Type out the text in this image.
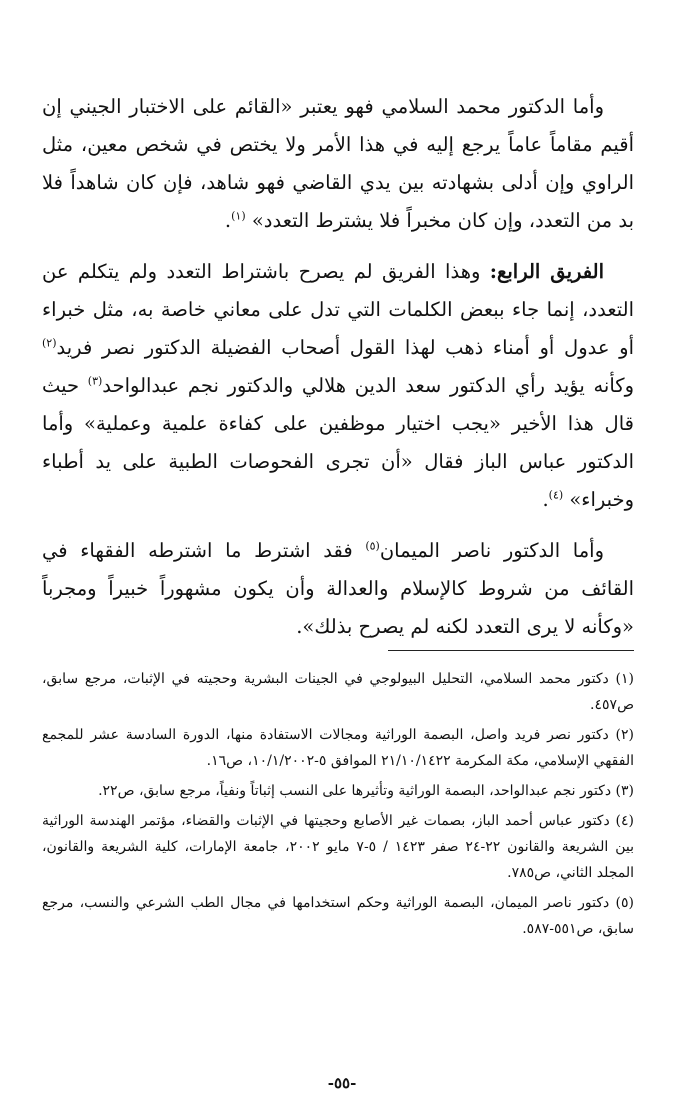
وأما الدكتور محمد السلامي فهو يعتبر «القائم على الاختبار الجيني إن أقيم مقاماً عاماً يرجع إليه في هذا الأمر ولا يختص في شخص معين، مثل الراوي وإن أدلى بشهادته بين يدي القاضي فهو شاهد، فإن كان شاهداً فلا بد من التعدد، وإن كان مخبراً فلا يشترط التعدد» $^{(١)}$.

الفريق الرابع: وهذا الفريق لم يصرح باشتراط التعدد ولم يتكلم عن التعدد، إنما جاء ببعض الكلمات التي تدل على معاني خاصة به، مثل خبراء أو عدول أو أمناء ذهب لهذا القول أصحاب الفضيلة الدكتور نصر فريد$^{(٢)}$ وكأنه يؤيد رأي الدكتور سعد الدين هلالي والدكتور نجم عبدالواحد$^{(٣)}$ حيث قال هذا الأخير «يجب اختيار موظفين على كفاءة علمية وعملية» وأما الدكتور عباس الباز فقال «أن تجرى الفحوصات الطبية على يد أطباء وخبراء» $^{(٤)}$.

وأما الدكتور ناصر الميمان$^{(٥)}$ فقد اشترط ما اشترطه الفقهاء في القائف من شروط كالإسلام والعدالة وأن يكون مشهوراً خبيراً ومجرباً «وكأنه لا يرى التعدد لكنه لم يصرح بذلك».

(١) دكتور محمد السلامي، التحليل البيولوجي في الجينات البشرية وحجيته في الإثبات، مرجع سابق، ص٤٥٧.

(٢) دكتور نصر فريد واصل، البصمة الوراثية ومجالات الاستفادة منها، الدورة السادسة عشر للمجمع الفقهي الإسلامي، مكة المكرمة ٢١/١٠/١٤٢٢ الموافق ٥-١٠/١/٢٠٠٢، ص١٦.

(٣) دكتور نجم عبدالواحد، البصمة الوراثية وتأثيرها على النسب إثباتاً ونفياً، مرجع سابق، ص٢٢.

(٤) دكتور عباس أحمد الباز، بصمات غير الأصابع وحجيتها في الإثبات والقضاء، مؤتمر الهندسة الوراثية بين الشريعة والقانون ٢٢-٢٤ صفر ١٤٢٣ / ٥-٧ مايو ٢٠٠٢، جامعة الإمارات، كلية الشريعة والقانون، المجلد الثاني، ص٧٨٥.

(٥) دكتور ناصر الميمان، البصمة الوراثية وحكم استخدامها في مجال الطب الشرعي والنسب، مرجع سابق، ص٥٥١-٥٨٧.

-٥٥-
